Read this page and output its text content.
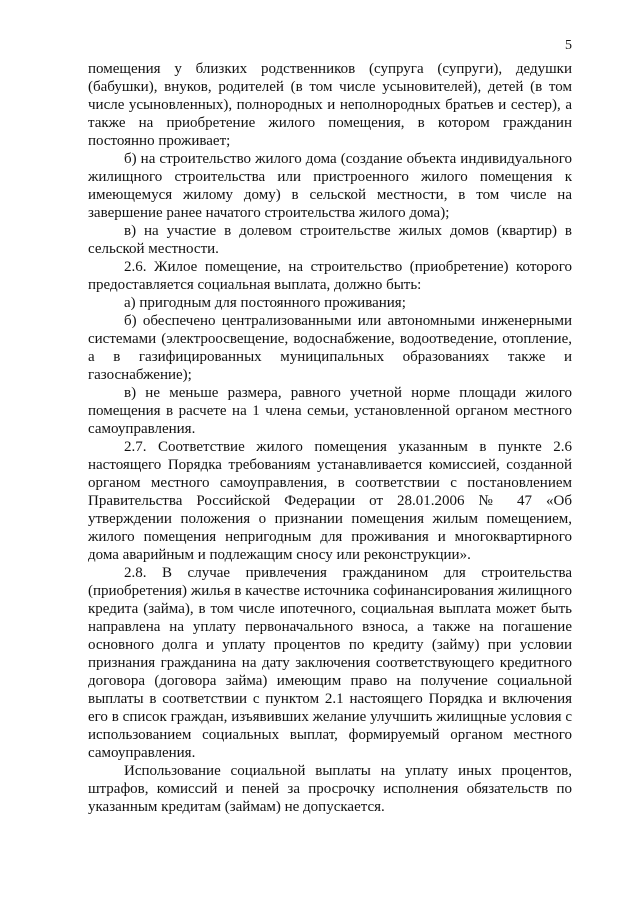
5

помещения у близких родственников (супруга (супруги), дедушки (бабушки), внуков, родителей (в том числе усыновителей), детей (в том числе усыновленных), полнородных и неполнородных братьев и сестер), а также на приобретение жилого помещения, в котором гражданин постоянно проживает;

б) на строительство жилого дома (создание объекта индивидуального жилищного строительства или пристроенного жилого помещения к имеющемуся жилому дому) в сельской местности, в том числе на завершение ранее начатого строительства жилого дома);

в) на участие в долевом строительстве жилых домов (квартир) в сельской местности.

2.6. Жилое помещение, на строительство (приобретение) которого предоставляется социальная выплата, должно быть:

а) пригодным для постоянного проживания;

б) обеспечено централизованными или автономными инженерными системами (электроосвещение, водоснабжение, водоотведение, отопление, а в газифицированных муниципальных образованиях также и газоснабжение);

в) не меньше размера, равного учетной норме площади жилого помещения в расчете на 1 члена семьи, установленной органом местного самоуправления.

2.7. Соответствие жилого помещения указанным в пункте 2.6 настоящего Порядка требованиям устанавливается комиссией, созданной органом местного самоуправления, в соответствии с постановлением Правительства Российской Федерации от 28.01.2006 № 47 «Об утверждении положения о признании помещения жилым помещением, жилого помещения непригодным для проживания и многоквартирного дома аварийным и подлежащим сносу или реконструкции».

2.8. В случае привлечения гражданином для строительства (приобретения) жилья в качестве источника софинансирования жилищного кредита (займа), в том числе ипотечного, социальная выплата может быть направлена на уплату первоначального взноса, а также на погашение основного долга и уплату процентов по кредиту (займу) при условии признания гражданина на дату заключения соответствующего кредитного договора (договора займа) имеющим право на получение социальной выплаты в соответствии с пунктом 2.1 настоящего Порядка и включения его в список граждан, изъявивших желание улучшить жилищные условия с использованием социальных выплат, формируемый органом местного самоуправления.

Использование социальной выплаты на уплату иных процентов, штрафов, комиссий и пеней за просрочку исполнения обязательств по указанным кредитам (займам) не допускается.
